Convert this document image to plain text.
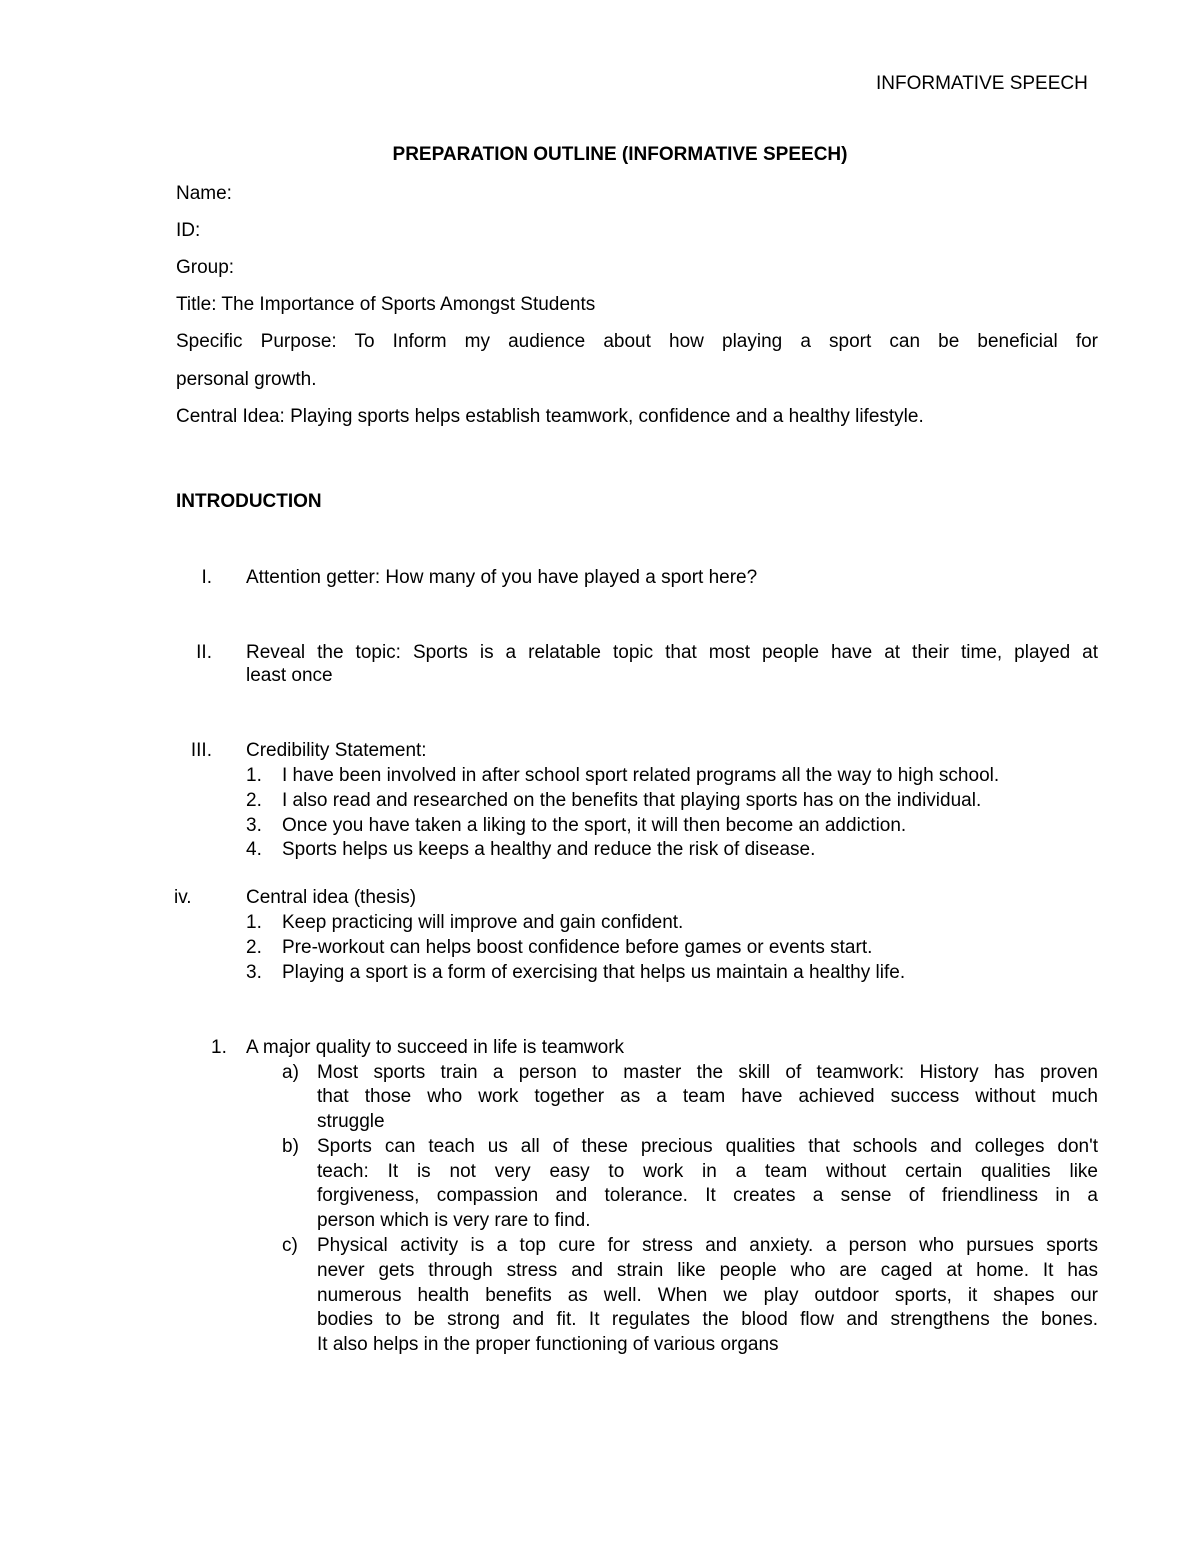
INFORMATIVE SPEECH
PREPARATION OUTLINE (INFORMATIVE SPEECH)
Name:
ID:
Group:
Title: The Importance of Sports Amongst Students
Specific Purpose: To Inform my audience about how playing a sport can be beneficial for
personal growth.
Central Idea: Playing sports helps establish teamwork, confidence and a healthy lifestyle.
INTRODUCTION
I. Attention getter: How many of you have played a sport here?
II. Reveal the topic: Sports is a relatable topic that most people have at their time, played at
least once
III. Credibility Statement:
1. I have been involved in after school sport related programs all the way to high school.
2. I also read and researched on the benefits that playing sports has on the individual.
3. Once you have taken a liking to the sport, it will then become an addiction.
4. Sports helps us keeps a healthy and reduce the risk of disease.
iv.	Central idea (thesis)
1. Keep practicing will improve and gain confident.
2. Pre-workout can helps boost confidence before games or events start.
3. Playing a sport is a form of exercising that helps us maintain a healthy life.
1. A major quality to succeed in life is teamwork
a) Most sports train a person to master the skill of teamwork: History has proven
that those who work together as a team have achieved success without much
struggle
b) Sports can teach us all of these precious qualities that schools and colleges don't
teach: It is not very easy to work in a team without certain qualities like
forgiveness, compassion and tolerance. It creates a sense of friendliness in a
person which is very rare to find.
c) Physical activity is a top cure for stress and anxiety. a person who pursues sports
never gets through stress and strain like people who are caged at home. It has
numerous health benefits as well. When we play outdoor sports, it shapes our
bodies to be strong and fit. It regulates the blood flow and strengthens the bones.
It also helps in the proper functioning of various organs
